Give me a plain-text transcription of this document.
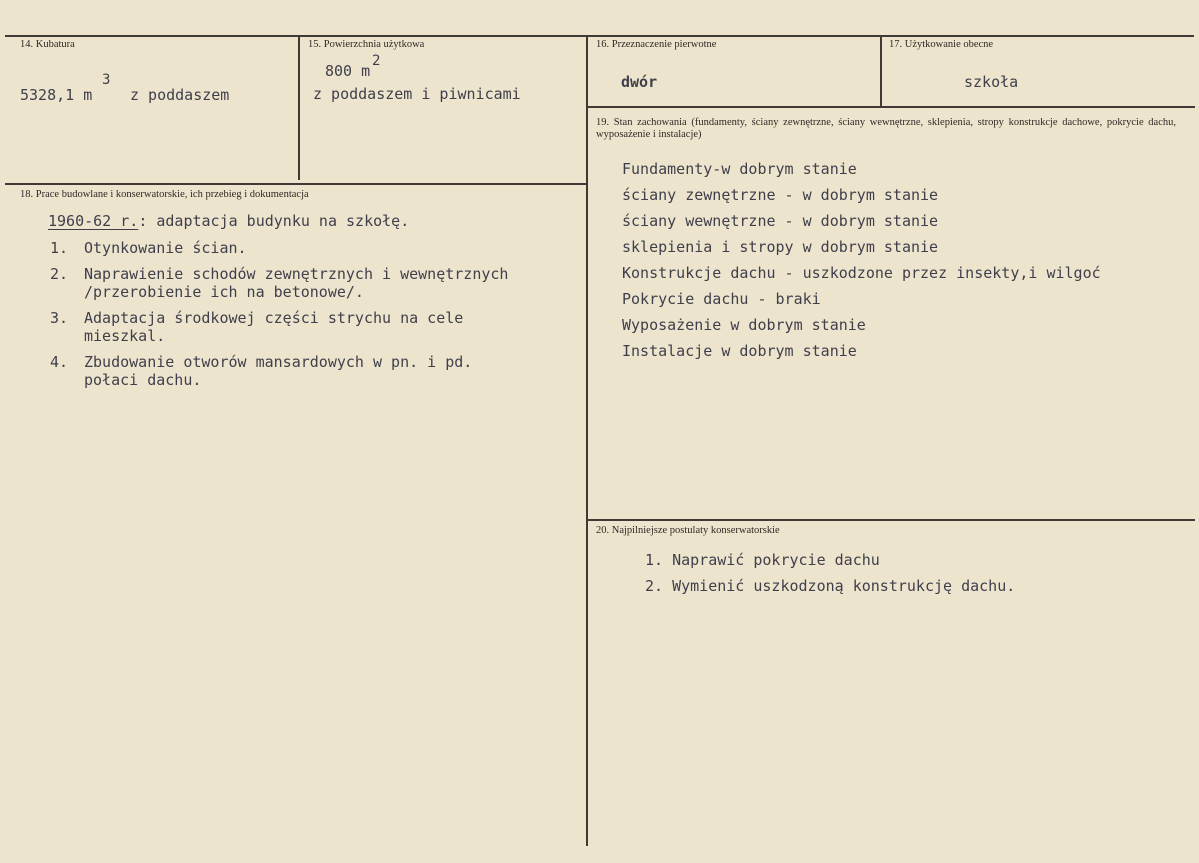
14. Kubatura
5328,1 m
3
z poddaszem
15. Powierzchnia użytkowa
800 m
2
z poddaszem i piwnicami
16. Przeznaczenie pierwotne
dwór
17. Użytkowanie obecne
szkoła
18. Prace budowlane i konserwatorskie, ich przebieg i dokumentacja
1960-62 r.: adaptacja budynku na szkołę.
1. Otynkowanie ścian.
2. Naprawienie schodów zewnętrznych i wewnętrznych
/przerobienie ich na betonowe/.
3. Adaptacja środkowej części strychu na cele
mieszkal.
4. Zbudowanie otworów mansardowych w pn. i pd.
połaci dachu.
19. Stan zachowania (fundamenty, ściany zewnętrzne, ściany wewnętrzne, sklepienia, stropy konstrukcje dachowe, pokrycie dachu, wyposażenie i instalacje)
Fundamenty-w dobrym stanie
ściany zewnętrzne - w dobrym stanie
ściany wewnętrzne - w dobrym stanie
sklepienia i stropy w dobrym stanie
Konstrukcje dachu - uszkodzone przez insekty,i wilgoć
Pokrycie dachu - braki
Wyposażenie w dobrym stanie
Instalacje w dobrym stanie
20. Najpilniejsze postulaty konserwatorskie
1. Naprawić pokrycie dachu
2. Wymienić uszkodzoną konstrukcję dachu.
